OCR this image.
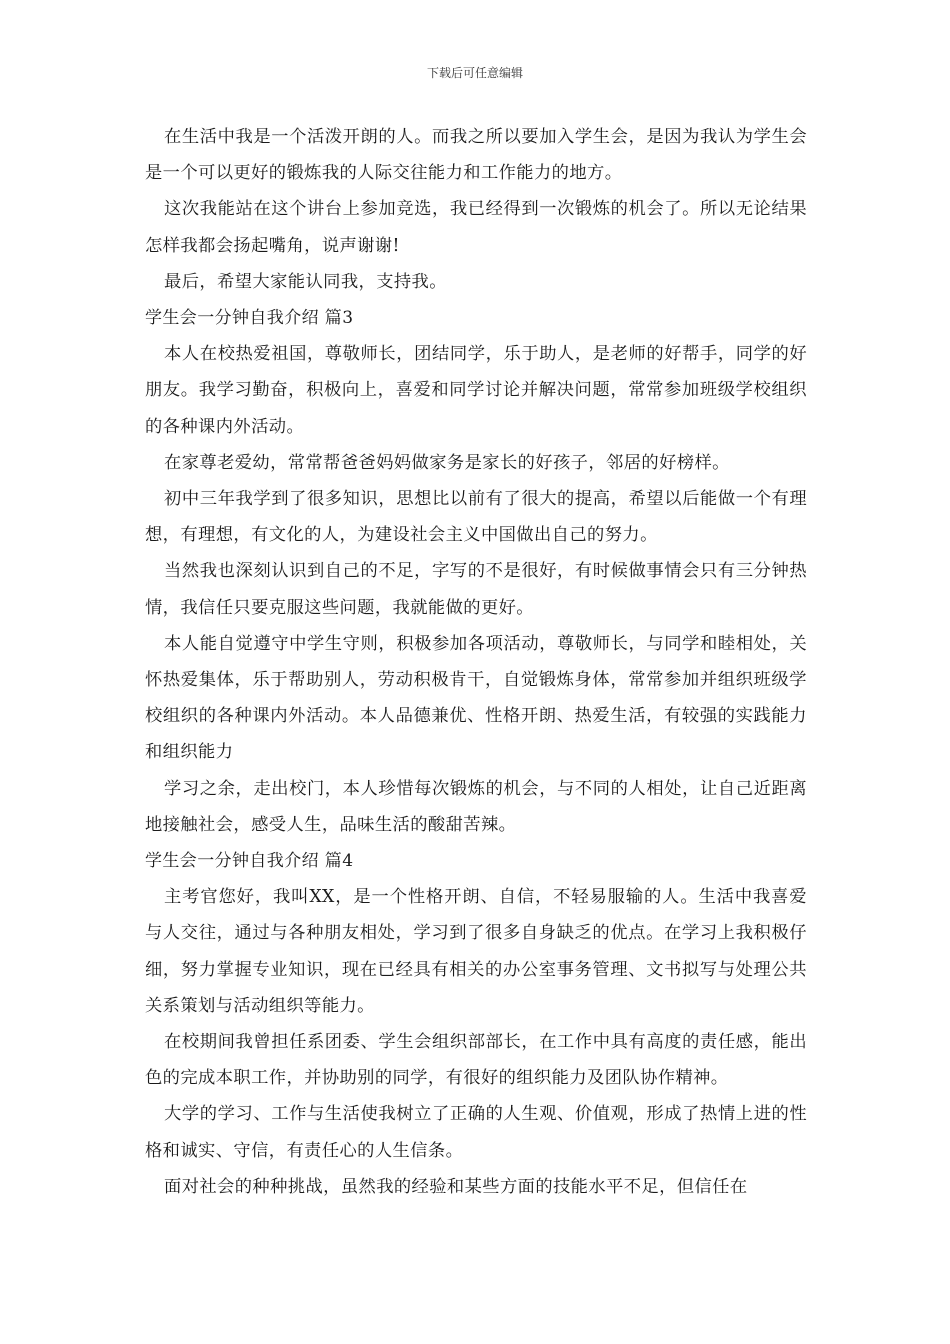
下载后可任意编辑

在生活中我是一个活泼开朗的人。而我之所以要加入学生会，是因为我认为学生会是一个可以更好的锻炼我的人际交往能力和工作能力的地方。

这次我能站在这个讲台上参加竞选，我已经得到一次锻炼的机会了。所以无论结果怎样我都会扬起嘴角，说声谢谢!

最后，希望大家能认同我，支持我。

学生会一分钟自我介绍 篇3

本人在校热爱祖国，尊敬师长，团结同学，乐于助人，是老师的好帮手，同学的好朋友。我学习勤奋，积极向上，喜爱和同学讨论并解决问题，常常参加班级学校组织的各种课内外活动。

在家尊老爱幼，常常帮爸爸妈妈做家务是家长的好孩子，邻居的好榜样。

初中三年我学到了很多知识，思想比以前有了很大的提高，希望以后能做一个有理想，有理想，有文化的人，为建设社会主义中国做出自己的努力。

当然我也深刻认识到自己的不足，字写的不是很好，有时候做事情会只有三分钟热情，我信任只要克服这些问题，我就能做的更好。

本人能自觉遵守中学生守则，积极参加各项活动，尊敬师长，与同学和睦相处，关怀热爱集体，乐于帮助别人，劳动积极肯干，自觉锻炼身体，常常参加并组织班级学校组织的各种课内外活动。本人品德兼优、性格开朗、热爱生活，有较强的实践能力和组织能力

学习之余，走出校门，本人珍惜每次锻炼的机会，与不同的人相处，让自己近距离地接触社会，感受人生，品味生活的酸甜苦辣。

学生会一分钟自我介绍 篇4

主考官您好，我叫XX，是一个性格开朗、自信，不轻易服输的人。生活中我喜爱与人交往，通过与各种朋友相处，学习到了很多自身缺乏的优点。在学习上我积极仔细，努力掌握专业知识，现在已经具有相关的办公室事务管理、文书拟写与处理公共关系策划与活动组织等能力。

在校期间我曾担任系团委、学生会组织部部长，在工作中具有高度的责任感，能出色的完成本职工作，并协助别的同学，有很好的组织能力及团队协作精神。

大学的学习、工作与生活使我树立了正确的人生观、价值观，形成了热情上进的性格和诚实、守信，有责任心的人生信条。

面对社会的种种挑战，虽然我的经验和某些方面的技能水平不足，但信任在
